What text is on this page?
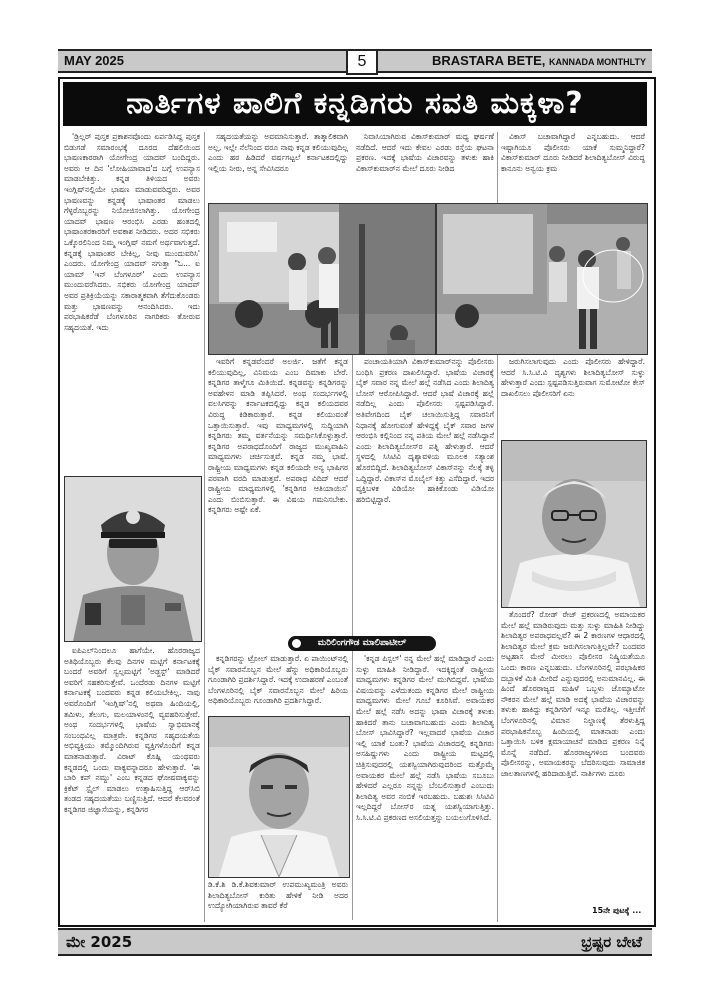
MAY 2025	5	BRASTARA BETE, KANNADA MONTHLTY
ನಾರ್ತಿಗಳ ಪಾಲಿಗೆ ಕನ್ನಡಿಗರು ಸವತಿ ಮಕ್ಕಳಾ?

'ಡ್ರಿಲ್ಲರ್ ಪುಸ್ತಕ ಪ್ರಕಾಶನವೊಂದು ಏರ್ಪಡಿಸಿದ್ದ ಪುಸ್ತಕ ಬಿಡುಗಡೆ ಸಮಾರಂಭಕ್ಕೆ ದೂರದ ದೆಹಲಿಯಿಂದ ಭಾಷಣಕಾರರಾಗಿ ಯೋಗೇಂದ್ರ ಯಾದವ್ ಬಂದಿದ್ದರು. ಅವರು ಆ ದಿನ 'ಲೋಹಿಯಾವಾದ'ದ ಬಗ್ಗೆ ಉಪನ್ಯಾಸ ಮಾಡಬೇಕಿತ್ತು. ಕನ್ನಡ ತಿಳಿಯದ ಅವರು ಇಂಗ್ಲಿಷ್‌ನಲ್ಲಿಯೇ ಭಾಷಣ ಮಾಡುವವರಿದ್ದರು. ಅವರ ಭಾಷಣವನ್ನು ಕನ್ನಡಕ್ಕೆ ಭಾಷಾಂತರ ಮಾಡಲು ಗೆಳ್ಳರೊಬ್ಬರನ್ನು ನಿಯೋಜಿಸಲಾಗಿತ್ತು. ಯೋಗೇಂದ್ರ ಯಾದವ್ ಭಾಷಣ ಆರಂಭಿಸಿ ಎರಡು ಹಂತದಲ್ಲಿ ಭಾಷಾಂತರಕಾರರಿಗೆ ಅವಕಾಶ ನೀಡಿದರು. ಅದರ ಸಭಿಕರು ಒಕ್ಕೊರಲಿನಿಂದ ನಿಮ್ಮ ಇಂಗ್ಲಿಷ್ ನಮಗೆ ಅರ್ಥವಾಗುತ್ತದೆ. ಕನ್ನಡಕ್ಕೆ ಭಾಷಾಂತರ ಬೇಕಿಲ್ಲ, ನೀವು ಮುಂದುವರಿಸಿ' ಎಂದರು. ಯೋಗೇಂದ್ರ ಯಾದವ್ ನಗುತ್ತಾ "ಓ... ಐ ಯಾಮ್ 'ಇನ್ ಬೆಂಗಳೂರ್' ಎಂದು ಉಪನ್ಯಾಸ ಮುಂದುವರೆಸಿದರು. ಸಭಿಕರು ಯೋಗೇಂದ್ರ ಯಾದವ್ ಅವರ ಪ್ರತಿಕ್ರಿಯೆಯನ್ನು ಸಕಾರಾತ್ಮಕವಾಗಿ ತೆಗೆದುಕೊಂಡರು ಮತ್ತು ಭಾಷಣವನ್ನು ಆನಂದಿಸಿದರು. ಇದು ಪರಭಾಷಿಕರೆಡೆ ಬೆಂಗಳೂರಿನ ನಾಗರಿಕರು ತೋರುವ ಸಹೃದಯತೆ. ಇದು

ಐಪಿಎಲ್‌ನಿಂದಲೂ ಹಾಗೆಯೇ. ಹೊರರಾಜ್ಯದ ಅತಿಥಿಯೊಬ್ಬರು ಕೆಲವು ದಿನಗಳ ಮಟ್ಟಿಗೆ ಕರ್ನಾಟಕಕ್ಕೆ ಬಂದರೆ ಅವರಿಗೆ ಸ್ವಲ್ಪಮಟ್ಟಿಗೆ 'ಅಡ್ಜಸ್ಟ್' ಮಾಡಿದರೆ ಅವರಿಗೆ ಸಹಕರಿಸುತ್ತೇವೆ. ಒಂದೆರಡು ದಿನಗಳ ಮಟ್ಟಿಗೆ ಕರ್ನಾಟಕಕ್ಕೆ ಬಂದವರು ಕನ್ನಡ ಕಲಿಯಬೇಕಿಲ್ಲ. ನಾವು ಅವರೊಂದಿಗೆ 'ಇಂಗ್ಲಿಷ್'ನಲ್ಲಿ ಅಥವಾ ಹಿಂದಿಯಲ್ಲಿ, ತಮಿಳು, ತೆಲುಗು, ಮಲಯಾಳಂನಲ್ಲಿ ವ್ಯವಹರಿಸುತ್ತೇವೆ. ಅಂಥ ಸಂದರ್ಭಗಳಲ್ಲಿ ಭಾಷೆಯ ಸ್ವಾಭಿಮಾನಕ್ಕೆ ಸಂಬಂಧವಿಲ್ಲ ಮಾತ್ರವೇ. ಕನ್ನಡಿಗರ ಸಹೃದಯತೆಯ ಅಭಿವ್ಯಕ್ತಿಯು ತಮ್ಮೊಂದಿಗಿರುವ ವ್ಯಕ್ತಿಗಳೊಂದಿಗೆ ಕನ್ನಡ ಮಾತನಾಡುತ್ತಾರೆ. ವಿರಾಟ್ ಕೊಹ್ಲಿ ಯಂಥವರು ಕನ್ನಡದಲ್ಲಿ ಒಂದು ವಾಕ್ಯವನ್ನಾದರೂ ಹೇಳುತ್ತಾರೆ. 'ಈ ಬಾರಿ ಕಪ್ ನಮ್ದು' ಎಂಬ ಕನ್ನಡದ ಘೋಷವಾಕ್ಯವನ್ನು ಕ್ರಿಕೆಟ್ ಸ್ಟೈಲ್ ಮಾಡಲು ಉತ್ಸಾಹಿಸುತ್ತಿದ್ದ ಆರ್‌ಸಿಬಿ ತಂಡದ ಸಹೃದಯತೆಯು ಬಣ್ಣಿಸುತ್ತಿದೆ. ಆದರೆ ಕೆಲವರಂತೆ ಕನ್ನಡಿಗರ ಜಿಜ್ಞಾಸೆಯನ್ನು, ಕನ್ನಡಿಗರ

ಸಹೃದಯತೆಯನ್ನು ಅವಮಾನಿಸುತ್ತಾರೆ. ತಾತ್ಕಾಲಿಕವಾಗಿ ಅಲ್ಲ, ಇಲ್ಲೇ ನೆಲೆನಿಂದ ವರೂ ನಾವು ಕನ್ನಡ ಕಲಿಯುವುದಿಲ್ಲ ಎಂದು ಹಠ ಹಿಡಿದರೆ ವರ್ಷಗಟ್ಟಲೆ ಕರ್ನಾಟಕದಲ್ಲಿದ್ದು ಇಲ್ಲಿಯ ನೀರು, ಅನ್ನ ಸೇವಿಸಿದರೂ

ಇವರಿಗೆ ಕನ್ನಡವೆಂದರೆ ಅಲರ್ಜಿ. ಜತೆಗೆ ಕನ್ನಡ ಕಲಿಯುವುದಿಲ್ಲ, ವಿನಿಮಯ ಎಂಬ ದಿಮಾಕು ಬೇರೆ. ಕನ್ನಡಿಗರ ತಾಳ್ಮೆಗೂ ಮಿತಿಯಿದೆ. ಕನ್ನಡವನ್ನು ಕನ್ನಡಿಗರನ್ನು ಅವಹೇಳನ ಮಾಡಿ ತಪ್ಪಿಸಿದರೆ. ಅಂಥ ಸಂದರ್ಭಗಳಲ್ಲಿ ವಲಸಿಗರನ್ನು ಕರ್ನಾಟಕದಲ್ಲಿದ್ದು ಕನ್ನಡ ಕಲಿಯದವರ ವಿರುದ್ಧ ಕಿಡಿಕಾರುತ್ತಾರೆ. ಕನ್ನಡ ಕಲಿಯುವಂತೆ ಒತ್ತಾಯಿಸುತ್ತಾರೆ. ಇವು ಮಾಧ್ಯಮಗಳಲ್ಲಿ ಸುದ್ದಿಯಾಗಿ ಕನ್ನಡಿಗರು ತಮ್ಮ ವರ್ತನೆಯನ್ನು ಸಮರ್ಥಿಸಿಕೊಳ್ಳುತ್ತಾರೆ. ಕನ್ನಡಿಗರ ಅಪರಾಧದೊಂದಿಗೆ ರಾಜ್ಯದ ಮುಖ್ಯವಾಹಿನಿ ಮಾಧ್ಯಮಗಳು ಚರ್ಚಿಸುತ್ತವೆ. ಕನ್ನಡ ನಮ್ಮ ಭಾಷೆ. ರಾಷ್ಟ್ರೀಯ ಮಾಧ್ಯಮಗಳು ಕನ್ನಡ ಕಲಿಯದೇ ಅನ್ಯ ಭಾಷಿಗರ ಪರವಾಗಿ ವರದಿ ಮಾಡುತ್ತವೆ. ಅಪರಾಧ ವಿದಿದ್ ಆದರೆ ರಾಷ್ಟ್ರೀಯ ಮಾಧ್ಯಮಗಳಲ್ಲಿ 'ಕನ್ನಡಿಗರ ಆತಿಯಾಯಿಸ' ಎಂದು ಬಿಂಬಿಸುತ್ತಾರೆ. ಈ ವಿಷಯ ಗಮನಿಸಬೇಕು. ಕನ್ನಡಿಗರು ಅಷ್ಟೇ ಏಕೆ.

ಮರಿಲಿಂಗಗೌಡ ಮಾಲಿಪಾಟೀಲ್

ಕನ್ನಡಿಗರನ್ನು ಟ್ರೋಲ್ ಮಾಡುತ್ತಾರೆ. ಏ ಪಾಯಿಂಟ್‌ನಲ್ಲಿ ಬೈಕ್ ಸವಾರನೊಬ್ಬನ ಮೇಲೆ ಹೆನ್ನು ಅಧಿಕಾರಿಯೊಬ್ಬರು ಗೂಂಡಾಗಿರಿ ಪ್ರದರ್ಶಿಸಿದ್ದಾರೆ. ಇದಕ್ಕೆ ಉದಾಹರಣೆ ಎಂಬಂತೆ ಬೆಂಗಳೂರಿನಲ್ಲಿ ಬೈಕ್ ಸವಾರನೊಬ್ಬನ ಮೇಲೆ ಹಿರಿಯ ಅಧಿಕಾರಿಯೊಬ್ಬರು ಗೂಂಡಾಗಿರಿ ಪ್ರದರ್ಶಿಸಿದ್ದಾರೆ.

ಡಿ.ಕೆ.ಶಿ ಡಿ.ಕೆ.ಶಿವಕುಮಾರ್ ಉಪಮುಖ್ಯಮಂತ್ರಿ ಅವರು ಶಿಲಾದಿತ್ಯಬೋಸ್ ಕುರಿತು ಹೇಳಿಕೆ ನೀಡಿ ಅದರ ಉದ್ಯೋಗಿಯಾಗಿರುವ ತಾವರೆ ಕೆರೆ

ನಿವಾಸಿಯಾಗಿರುವ ವಿಕಾಸ್‌ಕುಮಾರ್ ಮಧ್ಯ ಘರ್ಷಣೆ ನಡೆದಿದೆ. ಆದರೆ ಇದು ಕೇವಲ ಎರಡು ರಸ್ತೆಯ ಘಟನಾ ಪ್ರಕರಣ. ಇದಕ್ಕೆ ಭಾಷೆಯ ವಿಚಾರವನ್ನು ತಳುಕು ಹಾಕಿ ವಿಕಾಸ್‌ಕುಮಾರ್‌ನ ಮೇಲೆ ದೂರು ನೀಡಿದ

ಪಂಚಾಯತಿಯಾಗಿ ವಿಕಾಸ್‌ಕುಮಾರ್‌ನನ್ನು ಪೊಲೀಸರು ಬಂಧಿಸಿ ಪ್ರಕರಣ ದಾಖಲಿಸಿದ್ದಾರೆ. ಭಾಷೆಯ ವಿಚಾರಕ್ಕೆ ಬೈಕ್ ಸವಾರ ನನ್ನ ಮೇಲೆ ಹಲ್ಲೆ ನಡೆಸಿದ ಎಂದು ಶಿಲಾದಿತ್ಯ ಬೋಸ್ ಆರೋಪಿಸಿದ್ದಾರೆ. ಆದರೆ ಭಾಷೆ ವಿಚಾರಕ್ಕೆ ಹಲ್ಲೆ ನಡೆದಿಲ್ಲ ಎಂದು ಪೊಲೀಸರು ಸ್ಪಷ್ಟಪಡಿಸಿದ್ದಾರೆ. ಅತಿವೇಗದಿಂದ ಬೈಕ್ ಚಲಾಯಿಸುತ್ತಿದ್ದ ಸವಾರನಿಗೆ ನಿಧಾನಕ್ಕೆ ಹೋಗುವಂತೆ ಹೇಳಿದ್ದಕ್ಕೆ ಬೈಕ್ ಸವಾರ ಜಗಳ ಆರಂಭಿಸಿ ಕಲ್ಲಿನಿಂದ ನನ್ನ ಪತಿಯ ಮೇಲೆ ಹಲ್ಲೆ ನಡೆಸಿದ್ದಾನೆ ಎಂದು ಶಿಲಾದಿತ್ಯಬೋಸ್‌ರ ಪತ್ನಿ ಹೇಳುತ್ತಾರೆ. ಆದರೆ ಸ್ಥಳದಲ್ಲಿ ಸಿಸಿಟಿವಿ ದೃಶ್ಯಾವಳಿಯ ಮೂಲಕ ಸತ್ಯಾಂಶ ಹೊರಬಿದ್ದಿದೆ. ಶಿಲಾದಿತ್ಯಬೋಸ್ ವಿಕಾಸ್‌ನನ್ನು ನೆಲಕ್ಕೆ ತಳ್ಳಿ ಒದ್ದಿದ್ದಾರೆ. ವಿಕಾಸ್‌ನ ಮೊಬೈಲ್ ಕಿತ್ತು ಎಸೆದಿದ್ದಾರೆ. ಇದರ ವ್ಯಕ್ತಿಬಳಕ ವಿಡಿಯೋ ಹಾಕಿಕೊಂಡು ವಿಡಿಯೋ ಹರಿಬಿಟ್ಟಿದ್ದಾರೆ.

'ಕನ್ನಡ ಪಿಸ್ಟಲ್' ನನ್ನ ಮೇಲೆ ಹಲ್ಲೆ ಮಾಡಿದ್ದಾರೆ ಎಂದು ಸುಳ್ಳು ಮಾಹಿತಿ ನೀಡಿದ್ದಾರೆ. ಇದಕ್ಕಿದ್ದಂತೆ ರಾಷ್ಟ್ರೀಯ ಮಾಧ್ಯಮಗಳು ಕನ್ನಡಿಗರ ಮೇಲೆ ಮುಗಿಬಿದ್ದವೆ. ಭಾಷೆಯ ವಿಷಯವನ್ನು ಎಳೆದುತಂದು ಕನ್ನಡಿಗರ ಮೇಲೆ ರಾಷ್ಟ್ರೀಯ ಮಾಧ್ಯಮಗಳು ಮೇಲೆ ಗೂಬೆ ಕೂರಿಸಿವೆ. ಅವಾಯಕರ ಮೇಲೆ ಹಲ್ಲೆ ನಡೆಸಿ ಅದನ್ನು ಭಾಷಾ ವಿಚಾರಕ್ಕೆ ತಳುಕು ಹಾಕಿದರೆ ತಾನು ಬಚಾವಾಗಬಹುದು ಎಂದು ಶಿಲಾದಿತ್ಯ ಬೋಸ್ ಭಾವಿಸಿದ್ದಾರೆ? ಇಲ್ಲವಾದರೆ ಭಾಷೆಯ ವಿಚಾರ ಇಲ್ಲಿ ಯಾಕೆ ಬಂತು? ಭಾಷೆಯ ವಿಚಾರದಲ್ಲಿ ಕನ್ನಡಿಗರು ಅಸಹಿಷ್ಣುಗಳು ಎಂದು ರಾಷ್ಟ್ರೀಯ ಮಟ್ಟದಲ್ಲಿ ಚಿತ್ರಿಸುವುದರಲ್ಲಿ ಯಶಸ್ವಿಯಾಗಿರುವುದರಿಂದ ಮತ್ತೊಮ್ಮೆ ಅವಾಯಕರ ಮೇಲೆ ಹಲ್ಲೆ ನಡೆಸಿ ಭಾಷೆಯ ಸಬೂಬು ಹೇಳಿದರೆ ಎಲ್ಲರೂ ನನ್ನನ್ನು ಬೆಂಬಲಿಸುತ್ತಾರೆ ಎಂಬುದು ಶಿಲಾದಿತ್ಯ ಅವರ ನಂಬಿಕೆ ಇರಬಹುದು. ಬಹುಶಃ ಸಿಸಿಟಿವಿ ಇಲ್ಲದಿದ್ದರೆ ಬೋಸ್‌ರ ಯತ್ನ ಯಶಸ್ವಿಯಾಗುತ್ತಿತ್ತು. ಸಿ.ಸಿ.ಟಿ.ವಿ ಪ್ರಕರಣದ ಅಸಲಿಯತ್ತನ್ನು ಬಯಲುಗೊಳಿಸಿದೆ.

ವಿಕಾಸ್ ಬಚಾವಾಗಿದ್ದಾರೆ ಎನ್ನಬಹುದು. ಆದರೆ ಇಷ್ಟಾಗಿಯೂ ಪೊಲೀಸರು ಯಾಕೆ ಸುಮ್ಮನಿದ್ದಾರೆ? ವಿಕಾಸ್‌ಕುಮಾರ್ ದೂರು ನೀಡಿದರೆ ಶಿಲಾದಿತ್ಯಬೋಸ್ ವಿರುದ್ಧ ಕಾನೂನು ಅನ್ವಯ ಕ್ರಮ

ಜರುಗಿಸಲಾಗುವುದು ಎಂದು ಪೊಲೀಸರು ಹೇಳಿದ್ದಾರೆ. ಆದರೆ ಸಿ.ಸಿ.ಟಿ.ವಿ ದೃಶ್ಯಗಳು ಶಿಲಾದಿತ್ಯಬೋಸ್ ಸುಳ್ಳು ಹೇಳುತ್ತಾರೆ ಎಂದು ಸ್ಪಷ್ಟಪಡಿಸುತ್ತಿರುವಾಗ ಸುಮೋಟೋ ಕೇಸ್ ದಾಖಲಿಸಲು ಪೊಲೀಸರಿಗೆ ಏನು

ತೊಂದರೆ? ರೋಡ್ ರೇಜ್ ಪ್ರಕರಣದಲ್ಲಿ ಅಮಾಯಕರ ಮೇಲೆ ಹಲ್ಲೆ ಮಾಡಿರುವುದು ಮತ್ತು ಸುಳ್ಳು ಮಾಹಿತಿ ನೀಡಿದ್ದು ಶಿಲಾದಿತ್ಯರ ಅಪರಾಧವಲ್ಲವೆ? ಈ 2 ಕಾರಣಗಳ ಆಧಾರದಲ್ಲಿ ಶಿಲಾದಿತ್ಯರ ಮೇಲೆ ಕ್ರಮ ಜರುಗಿಸಲಾಗುತ್ತಿಲ್ಲವೇ? ಬಂದವರ ಅಟ್ಟಹಾಸ ಮೇರೆ ಮೀರಲು ಪೊಲೀಸರ ನಿಷ್ಕ್ರಿಯತೆಯೂ ಒಂದು ಕಾರಣ ಎನ್ನಬಹುದು. ಬೆಂಗಳೂರಿನಲ್ಲಿ ಪರಭಾಷಿಕರ ದಬ್ಬಾಳಿಕೆ ಮಿತಿ ಮೀರಿದೆ ಎನ್ನುವುದರಲ್ಲಿ ಅನುಮಾನವಿಲ್ಲ. ಈ ಹಿಂದೆ ಹೊರರಾಜ್ಯದ ಮಹಿಳೆ ಒಬ್ಬಳು ಜೊಮ್ಯಾಟೋ ನೌಕರನ ಮೇಲೆ ಹಲ್ಲೆ ಮಾಡಿ ಅದಕ್ಕೆ ಭಾಷೆಯ ವಿಚಾರವನ್ನು ತಳುಕು ಹಾಕಿದ್ದು ಕನ್ನಡಿಗರಿಗೆ ಇನ್ನೂ ಮರೆತಿಲ್ಲ. ಇತ್ತೀಚೆಗೆ ಬೆಂಗಳೂರಿನಲ್ಲಿ ವಿಮಾನ ನಿಲ್ದಾಣಕ್ಕೆ ತೆರಳುತ್ತಿದ್ದ ಪರಭಾಷಿಕನೊಬ್ಬ ಹಿಂದಿಯಲ್ಲಿ ಮಾತನಾಡು ಎಂದು ಒತ್ತಾಯಿಸಿ ಬಳಿಕ ಕ್ಷಮಾಯಾಚನೆ ಮಾಡಿದ ಪ್ರಕರಣ ನಿನ್ನೆ ಮೊನ್ನೆ ನಡೆದಿದೆ. ಹೊರರಾಜ್ಯಗಳಿಂದ ಬಂದವರು ಪೊಲೀಸರನ್ನು, ಅಮಾಯಕರನ್ನು ಬೆದರಿಸುವುದು ಸಾಮಾಜಿಕ ಜಾಲತಾಣಗಳಲ್ಲಿ ಹರಿದಾಡುತ್ತಿವೆ. ನಾರ್ತಿಗಳು ದೂರು

15ನೇ ಪುಟಕ್ಕೆ ...
ಮೇ 2025	ಭ್ರಷ್ಟರ ಬೇಟೆ
